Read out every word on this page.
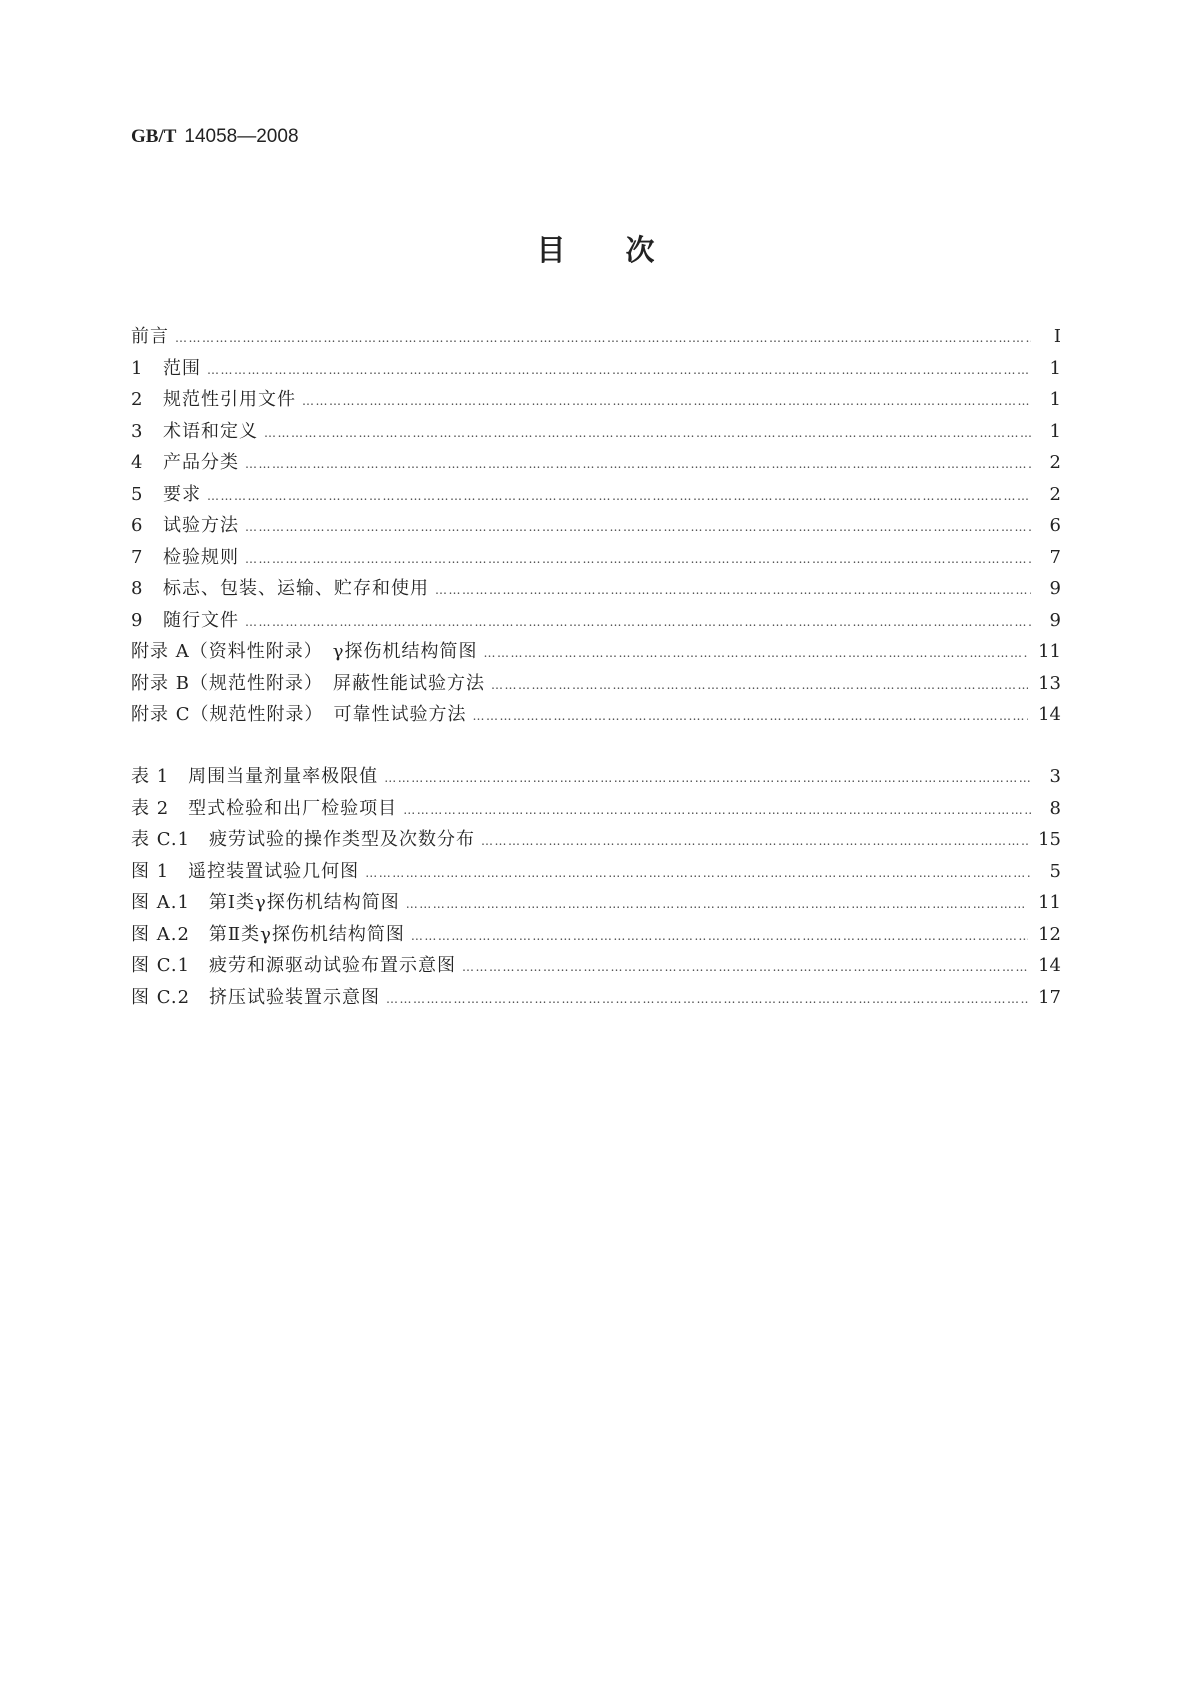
GB/T 14058—2008
目次
前言 …………………………………………………………………………………………………………………………………………………………………………………………………………………………	Ⅰ
1 范围 …………………………………………………………………………………………………………………………………………………………………………………………………………………………	1
2 规范性引用文件 …………………………………………………………………………………………………………………………………………………………………………………………………………………………	1
3 术语和定义 …………………………………………………………………………………………………………………………………………………………………………………………………………………………	1
4 产品分类 …………………………………………………………………………………………………………………………………………………………………………………………………………………………	2
5 要求 …………………………………………………………………………………………………………………………………………………………………………………………………………………………	2
6 试验方法 …………………………………………………………………………………………………………………………………………………………………………………………………………………………	6
7 检验规则 …………………………………………………………………………………………………………………………………………………………………………………………………………………………	7
8 标志、包装、运输、贮存和使用 …………………………………………………………………………………………………………………………………………………………………………………………………………………………	9
9 随行文件 …………………………………………………………………………………………………………………………………………………………………………………………………………………………	9
附录 A（资料性附录）　γ探伤机结构简图 …………………………………………………………………………………………………………………………………………………………………………………………………………………………	11
附录 B（规范性附录）　屏蔽性能试验方法 …………………………………………………………………………………………………………………………………………………………………………………………………………………………	13
附录 C（规范性附录）　可靠性试验方法 …………………………………………………………………………………………………………………………………………………………………………………………………………………………	14
表 1　周围当量剂量率极限值 …………………………………………………………………………………………………………………………………………………………………………………………………………………………	3
表 2　型式检验和出厂检验项目 …………………………………………………………………………………………………………………………………………………………………………………………………………………………	8
表 C.1　疲劳试验的操作类型及次数分布 …………………………………………………………………………………………………………………………………………………………………………………………………………………………	15
图 1　遥控装置试验几何图 …………………………………………………………………………………………………………………………………………………………………………………………………………………………	5
图 A.1　第Ⅰ类γ探伤机结构简图 …………………………………………………………………………………………………………………………………………………………………………………………………………………………	11
图 A.2　第Ⅱ类γ探伤机结构简图 …………………………………………………………………………………………………………………………………………………………………………………………………………………………	12
图 C.1　疲劳和源驱动试验布置示意图 …………………………………………………………………………………………………………………………………………………………………………………………………………………………	14
图 C.2　挤压试验装置示意图 …………………………………………………………………………………………………………………………………………………………………………………………………………………………	17
